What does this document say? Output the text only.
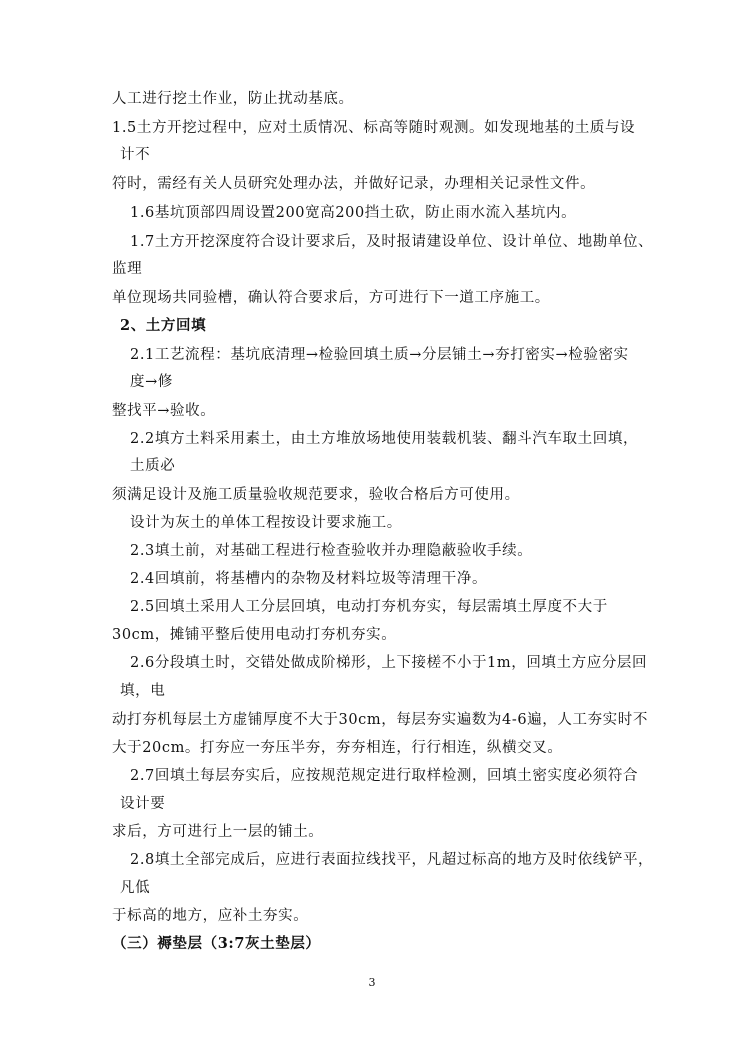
人工进行挖土作业，防止扰动基底。
1.5土方开挖过程中，应对土质情况、标高等随时观测。如发现地基的土质与设
计不
符时，需经有关人员研究处理办法，并做好记录，办理相关记录性文件。
1.6基坑顶部四周设置200宽高200挡土砍，防止雨水流入基坑内。
1.7土方开挖深度符合设计要求后，及时报请建设单位、设计单位、地勘单位、
监理
单位现场共同验槽，确认符合要求后，方可进行下一道工序施工。
2、土方回填
2.1工艺流程：基坑底清理→检验回填土质→分层铺土→夯打密实→检验密实
度→修
整找平→验收。
2.2填方土料采用素土，由土方堆放场地使用装载机装、翻斗汽车取土回填，
土质必
须满足设计及施工质量验收规范要求，验收合格后方可使用。
设计为灰土的单体工程按设计要求施工。
2.3填土前，对基础工程进行检查验收并办理隐蔽验收手续。
2.4回填前，将基槽内的杂物及材料垃圾等清理干净。
2.5回填土采用人工分层回填，电动打夯机夯实，每层需填土厚度不大于
30cm，摊铺平整后使用电动打夯机夯实。
2.6分段填土时，交错处做成阶梯形，上下接槎不小于1m，回填土方应分层回
填，电
动打夯机每层土方虚铺厚度不大于30cm，每层夯实遍数为4-6遍，人工夯实时不
大于20cm。打夯应一夯压半夯，夯夯相连，行行相连，纵横交叉。
2.7回填土每层夯实后，应按规范规定进行取样检测，回填土密实度必须符合
设计要
求后，方可进行上一层的铺土。
2.8填土全部完成后，应进行表面拉线找平，凡超过标高的地方及时依线铲平，
凡低
于标高的地方，应补土夯实。
（三）褥垫层（3:7灰土垫层）
3
